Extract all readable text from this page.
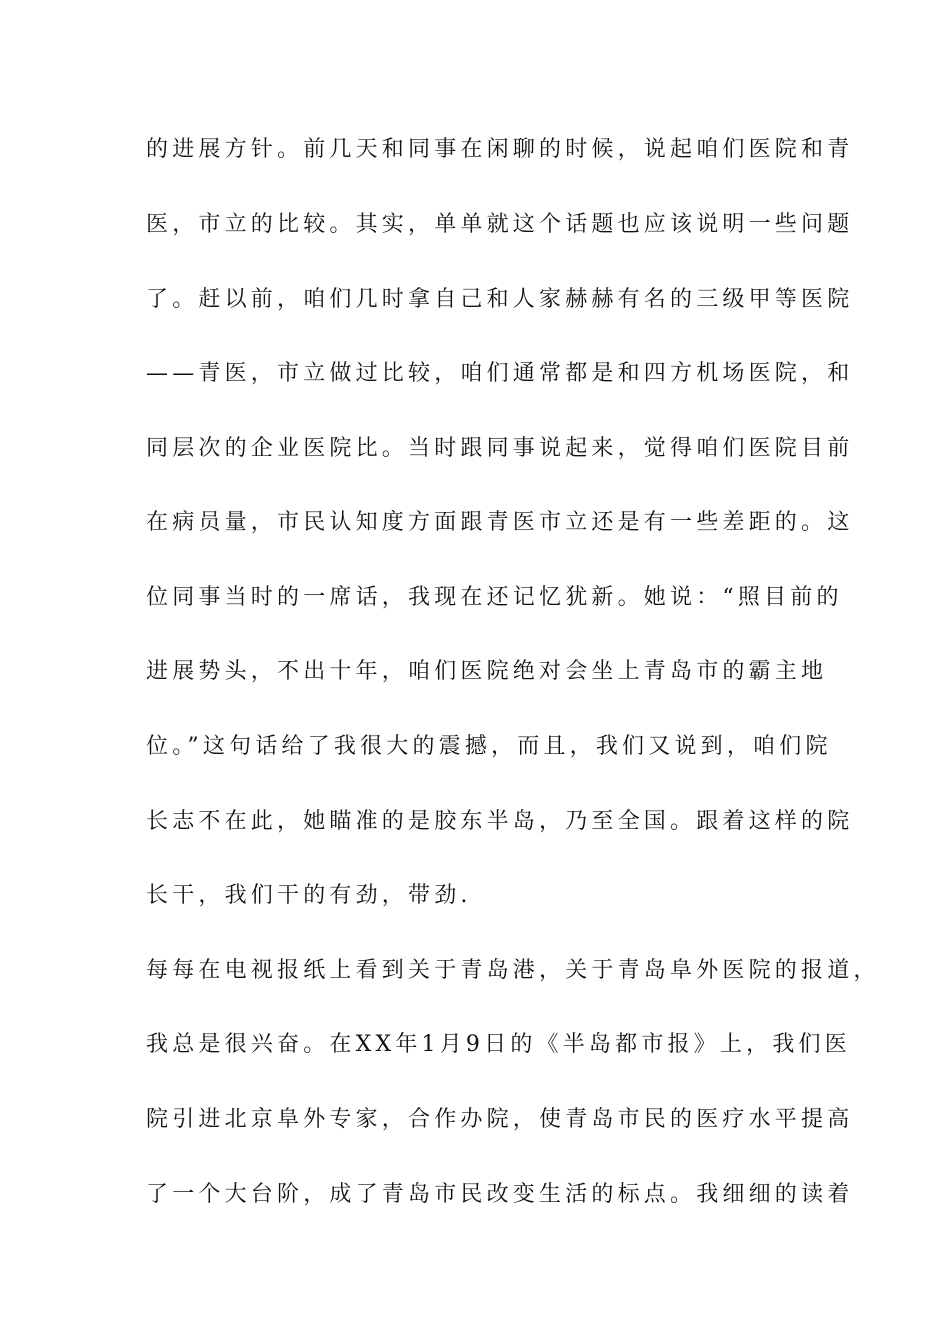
的进展方针。前几天和同事在闲聊的时候，说起咱们医院和青
医，市立的比较。其实，单单就这个话题也应该说明一些问题
了。赶以前，咱们几时拿自己和人家赫赫有名的三级甲等医院
——青医，市立做过比较，咱们通常都是和四方机场医院，和
同层次的企业医院比。当时跟同事说起来，觉得咱们医院目前
在病员量，市民认知度方面跟青医市立还是有一些差距的。这
位同事当时的一席话，我现在还记忆犹新。她说：“照目前的
进展势头，不出十年，咱们医院绝对会坐上青岛市的霸主地
位。”这句话给了我很大的震撼，而且，我们又说到，咱们院
长志不在此，她瞄准的是胶东半岛，乃至全国。跟着这样的院
长干，我们干的有劲，带劲.
每每在电视报纸上看到关于青岛港，关于青岛阜外医院的报道，
我总是很兴奋。在XX年1月9日的《半岛都市报》上，我们医
院引进北京阜外专家，合作办院，使青岛市民的医疗水平提高
了一个大台阶，成了青岛市民改变生活的标点。我细细的读着
